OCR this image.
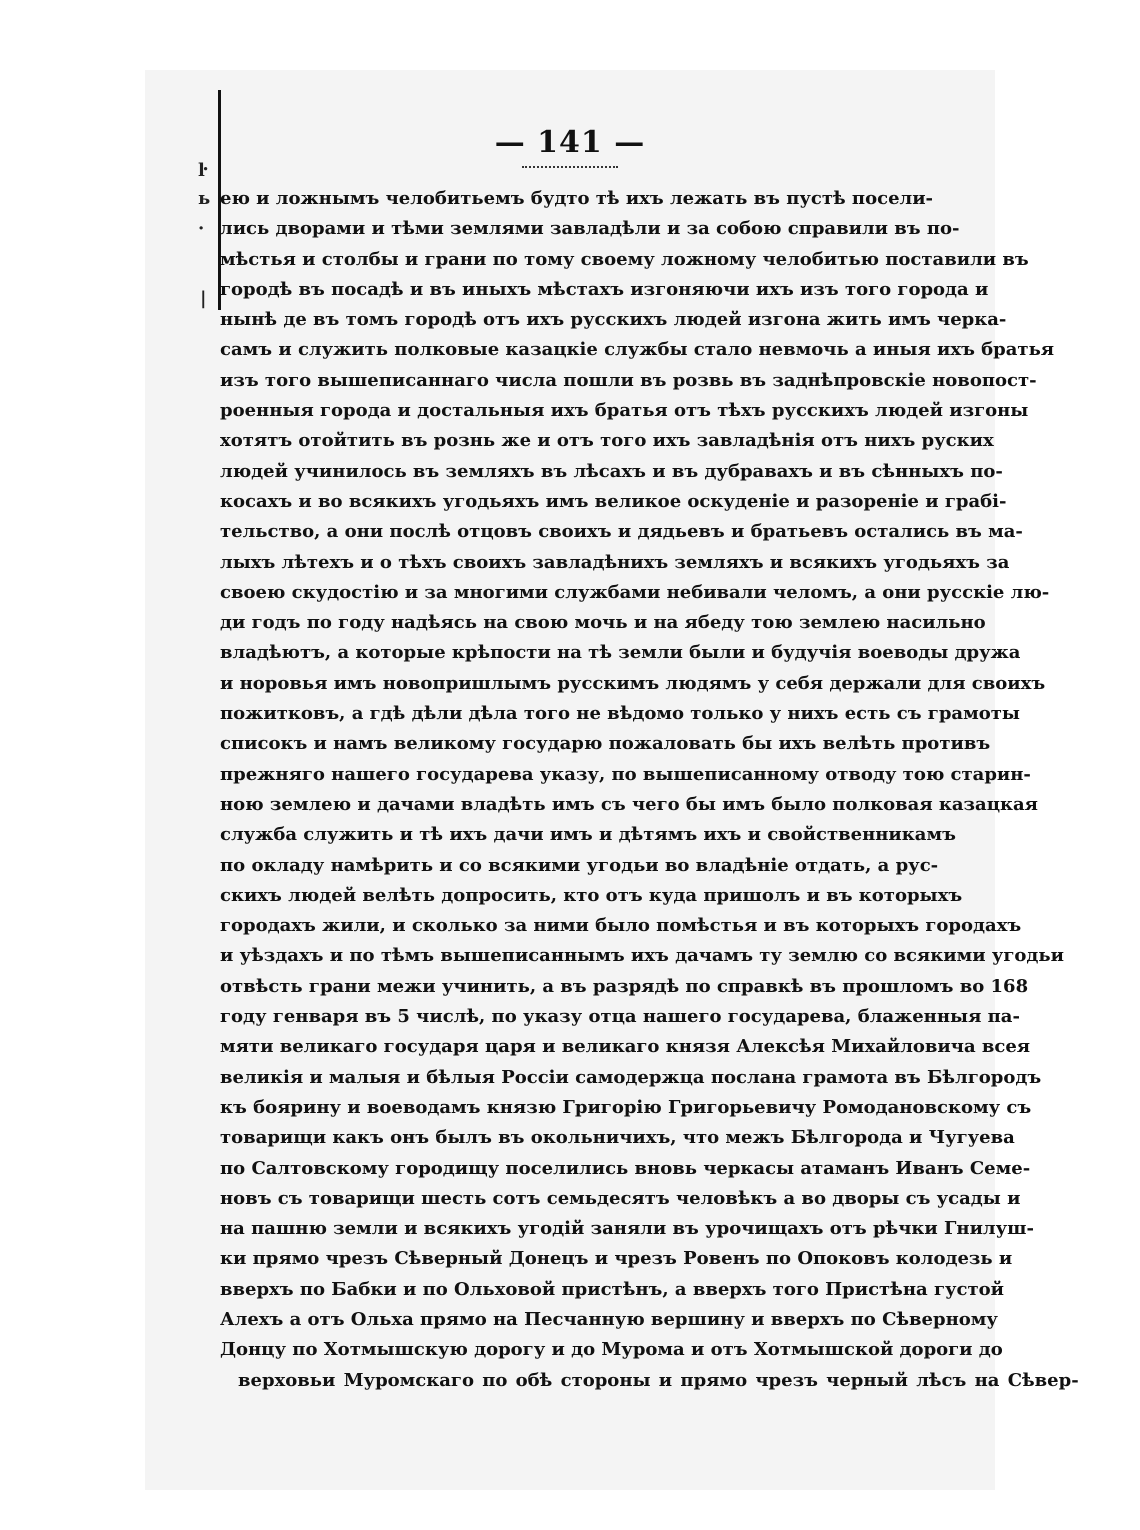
ŀ
ь
·
|
— 141 —
ею и ложнымъ челобитьемъ будто тѣ ихъ лежать въ пустѣ посели-
лись дворами и тѣми землями завладѣли и за собою справили въ по-
мѣстья и столбы и грани по тому своему ложному челобитью поставили въ
городѣ въ посадѣ и въ иныхъ мѣстахъ изгоняючи ихъ изъ того города и
нынѣ де въ томъ городѣ отъ ихъ русскихъ людей изгона жить имъ черка-
самъ и служить полковые казацкіе службы стало невмочь а иныя ихъ братья
изъ того вышеписаннаго числа пошли въ розвь въ заднѣпровскіе новопост-
роенныя города и достальныя ихъ братья отъ тѣхъ русскихъ людей изгоны
хотятъ отойтить въ рознь же и отъ того ихъ завладѣнія отъ нихъ руских
людей учинилось въ земляхъ въ лѣсахъ и въ дубравахъ и въ сѣнныхъ по-
косахъ и во всякихъ угодьяхъ имъ великое оскуденіе и разореніе и грабі-
тельство, а они послѣ отцовъ своихъ и дядьевъ и братьевъ остались въ ма-
лыхъ лѣтехъ и о тѣхъ своихъ завладѣнихъ земляхъ и всякихъ угодьяхъ за
своею скудостію и за многими службами небивали челомъ, а они русскіе лю-
ди годъ по году надѣясь на свою мочь и на ябеду тою землею насильно
владѣютъ, а которые крѣпости на тѣ земли были и будучія воеводы дружа
и норовья имъ новопришлымъ русскимъ людямъ у себя держали для своихъ
пожитковъ, а гдѣ дѣли дѣла того не вѣдомо только у нихъ есть съ грамоты
списокъ и намъ великому государю пожаловать бы ихъ велѣть противъ
прежняго нашего государева указу, по вышеписанному отводу тою старин-
ною землею и дачами владѣть имъ съ чего бы имъ было полковая казацкая
служба служить и тѣ ихъ дачи имъ и дѣтямъ ихъ и свойственникамъ
по окладу намѣрить и со всякими угодьи во владѣніе отдать, а рус-
скихъ людей велѣть допросить, кто отъ куда пришолъ и въ которыхъ
городахъ жили, и сколько за ними было помѣстья и въ которыхъ городахъ
и уѣздахъ и по тѣмъ вышеписаннымъ ихъ дачамъ ту землю со всякими угодьи
отвѣсть грани межи учинить, а въ разрядѣ по справкѣ въ прошломъ во 168
году генваря въ 5 числѣ, по указу отца нашего государева, блаженныя па-
мяти великаго государя царя и великаго князя Алексѣя Михайловича всея
великія и малыя и бѣлыя Россіи самодержца послана грамота въ Бѣлгородъ
къ боярину и воеводамъ князю Григорію Григорьевичу Ромодановскому съ
товарищи какъ онъ былъ въ окольничихъ, что межъ Бѣлгорода и Чугуева
по Салтовскому городищу поселились вновь черкасы атаманъ Иванъ Семе-
новъ съ товарищи шесть сотъ семьдесятъ человѣкъ а во дворы съ усады и
на пашню земли и всякихъ угодій заняли въ урочищахъ отъ рѣчки Гнилуш-
ки прямо чрезъ Сѣверный Донецъ и чрезъ Ровенъ по Опоковъ колодезь и
вверхъ по Бабки и по Ольховой пристѣнъ, а вверхъ того Пристѣна густой
Алехъ а отъ Ольха прямо на Песчанную вершину и вверхъ по Сѣверному
Донцу по Хотмышскую дорогу и до Мурома и отъ Хотмышской дороги до
верховьи Муромскаго по обѣ стороны и прямо чрезъ черный лѣсъ на Сѣвер-
